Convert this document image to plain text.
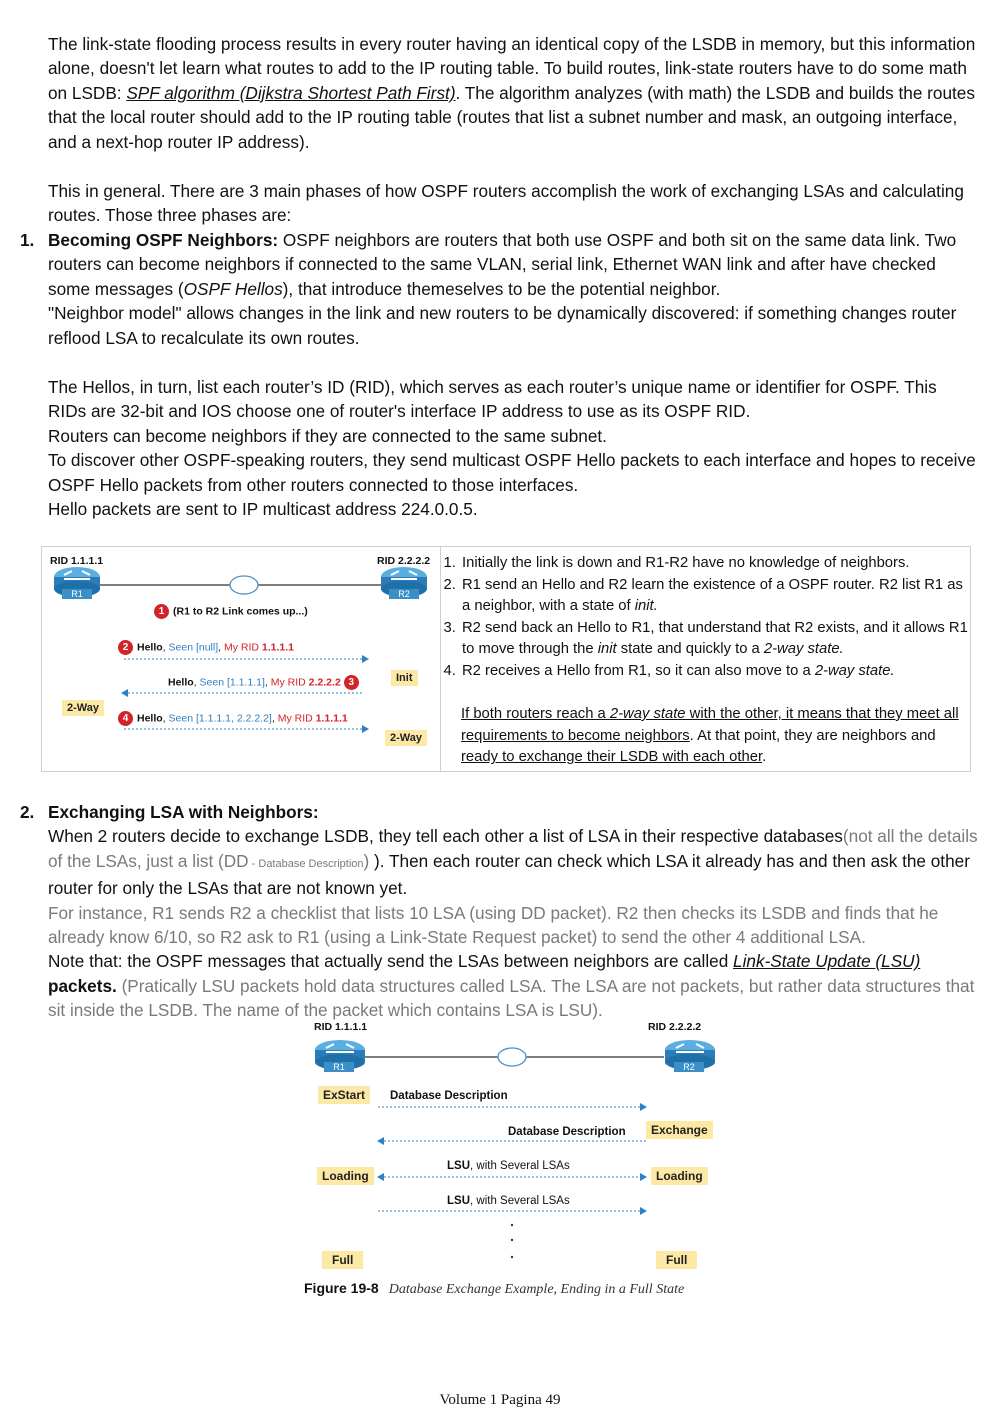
The link-state flooding process results in every router having an identical copy of the LSDB in memory, but this information alone, doesn't let learn what routes to add to the IP routing table. To build routes, link-state routers have to do some math on LSDB: SPF algorithm (Dijkstra Shortest Path First). The algorithm analyzes (with math) the LSDB and builds the routes that the local router should add to the IP routing table (routes that list a subnet number and mask, an outgoing interface, and a next-hop router IP address).

This in general. There are 3 main phases of how OSPF routers accomplish the work of exchanging LSAs and calculating routes. Those three phases are:

1. Becoming OSPF Neighbors: OSPF neighbors are routers that both use OSPF and both sit on the same data link. Two routers can become neighbors if connected to the same VLAN, serial link, Ethernet WAN link and after have checked some messages (OSPF Hellos), that introduce themeselves to be the potential neighbor.

"Neighbor model" allows changes in the link and new routers to be dynamically discovered: if something changes router reflood LSA to recalculate its own routes.

The Hellos, in turn, list each router’s ID (RID), which serves as each router’s unique name or identifier for OSPF. This RIDs are 32-bit and IOS choose one of router's interface IP address to use as its OSPF RID.

Routers can become neighbors if they are connected to the same subnet.

To discover other OSPF-speaking routers, they send multicast OSPF Hello packets to each interface and hopes to receive OSPF Hello packets from other routers connected to those interfaces.

Hello packets are sent to IP multicast address 224.0.0.5.

RID 1.1.1.1	RID 2.2.2.2
R1	R2
1 (R1 to R2 Link comes up...)
2 Hello, Seen [null], My RID 1.1.1.1
Hello, Seen [1.1.1.1], My RID 2.2.2.2 3
4 Hello, Seen [1.1.1.1, 2.2.2.2], My RID 1.1.1.1
Init
2-Way
2-Way
1. Initially the link is down and R1-R2 have no knowledge of neighbors.
2. R1 send an Hello and R2 learn the existence of a OSPF router. R2 list R1 as a neighbor, with a state of init.
3. R2 send back an Hello to R1, that understand that R2 exists, and it allows R1 to move through the init state and quickly to a 2-way state.
4. R2 receives a Hello from R1, so it can also move to a 2-way state.
If both routers reach a 2-way state with the other, it means that they meet all requirements to become neighbors. At that point, they are neighbors and ready to exchange their LSDB with each other.
2. Exchanging LSA with Neighbors:

When 2 routers decide to exchange LSDB, they tell each other a list of LSA in their respective databases(not all the details of the LSAs, just a list (DD - Database Description) ). Then each router can check which LSA it already has and then ask the other router for only the LSAs that are not known yet.

For instance, R1 sends R2 a checklist that lists 10 LSA (using DD packet). R2 then checks its LSDB and finds that he already know 6/10, so R2 ask to R1 (using a Link-State Request packet) to send the other 4 additional LSA.

Note that: the OSPF messages that actually send the LSAs between neighbors are called Link-State Update (LSU)
packets. (Pratically LSU packets hold data structures called LSA. The LSA are not packets, but rather data structures that sit inside the LSDB. The name of the packet which contains LSA is LSU).

RID 1.1.1.1	RID 2.2.2.2
R1	R2
ExStart	Database Description
Database Description	Exchange
Loading
LSU, with Several LSAs
Loading
LSU, with Several LSAs
Full	Full
Figure 19-8 Database Exchange Example, Ending in a Full State
Volume 1 Pagina 49
